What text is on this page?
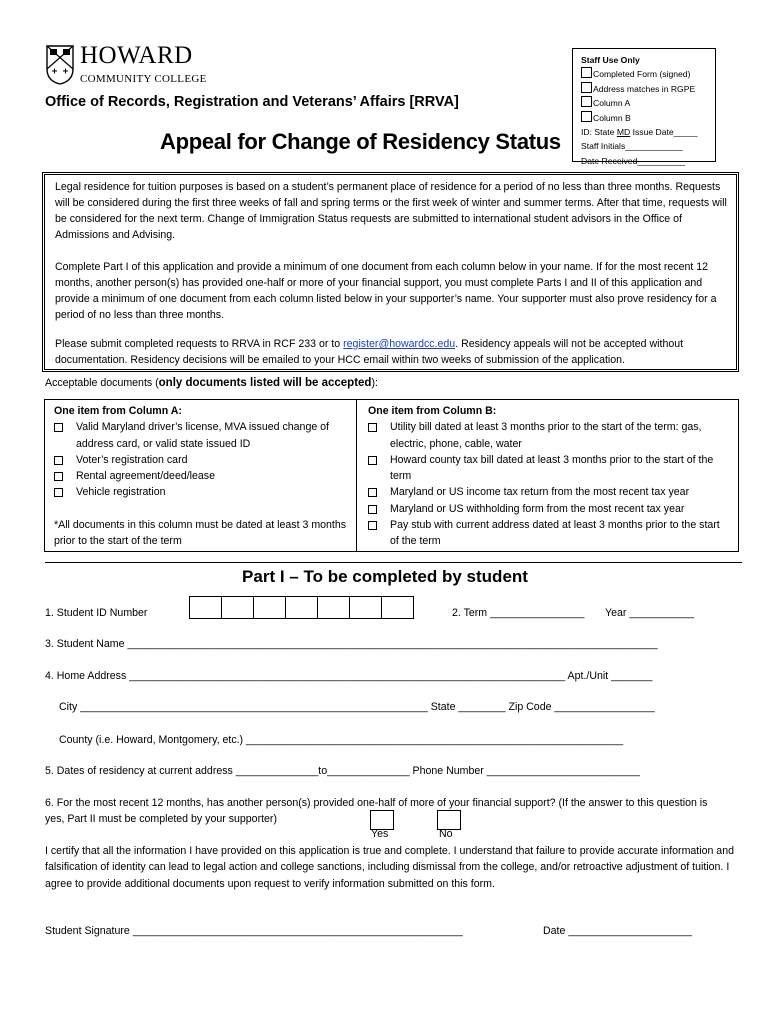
HOWARD
COMMUNITY COLLEGE
Office of Records, Registration and Veterans’ Affairs [RRVA]
Appeal for Change of Residency Status
Staff Use Only
Completed Form (signed)
Address matches in RGPE
Column A
Column B
ID: State MD Issue Date_____
Staff Initials____________
Date Received__________

Legal residence for tuition purposes is based on a student’s permanent place of residence for a period of no less than three months. Requests will be considered during the first three weeks of fall and spring terms or the first week of winter and summer terms. After that time, requests will be considered for the next term. Change of Immigration Status requests are submitted to international student advisors in the Office of Admissions and Advising.

Complete Part I of this application and provide a minimum of one document from each column below in your name. If for the most recent 12 months, another person(s) has provided one-half or more of your financial support, you must complete Parts I and II of this application and provide a minimum of one document from each column listed below in your supporter’s name. Your supporter must also prove residency for a period of no less than three months.

Please submit completed requests to RRVA in RCF 233 or to register@howardcc.edu. Residency appeals will not be accepted without documentation. Residency decisions will be emailed to your HCC email within two weeks of submission of the application.

Acceptable documents (only documents listed will be accepted):
One item from Column A:
Valid Maryland driver’s license, MVA issued change of address card, or valid state issued ID
Voter’s registration card
Rental agreement/deed/lease
Vehicle registration
*All documents in this column must be dated at least 3 months prior to the start of the term
One item from Column B:
Utility bill dated at least 3 months prior to the start of the term: gas, electric, phone, cable, water
Howard county tax bill dated at least 3 months prior to the start of the term
Maryland or US income tax return from the most recent tax year
Maryland or US withholding form from the most recent tax year
Pay stub with current address dated at least 3 months prior to the start of the term
Part I – To be completed by student
1. Student ID Number	2. Term ________________ Year ___________
3. Student Name __________________________________________________________________________________________
4. Home Address __________________________________________________________________________ Apt./Unit _______
City ___________________________________________________________ State ________ Zip Code _________________
County (i.e. Howard, Montgomery, etc.) ________________________________________________________________
5. Dates of residency at current address ______________to______________ Phone Number __________________________
6. For the most recent 12 months, has another person(s) provided one-half of more of your financial support? (If the answer to this question is yes, Part II must be completed by your supporter)
Yes	No
I certify that all the information I have provided on this application is true and complete. I understand that failure to provide accurate information and falsification of identity can lead to legal action and college sanctions, including dismissal from the college, and/or retroactive adjustment of tuition. I agree to provide additional documents upon request to verify information submitted on this form.
Student Signature ________________________________________________________	Date _____________________
